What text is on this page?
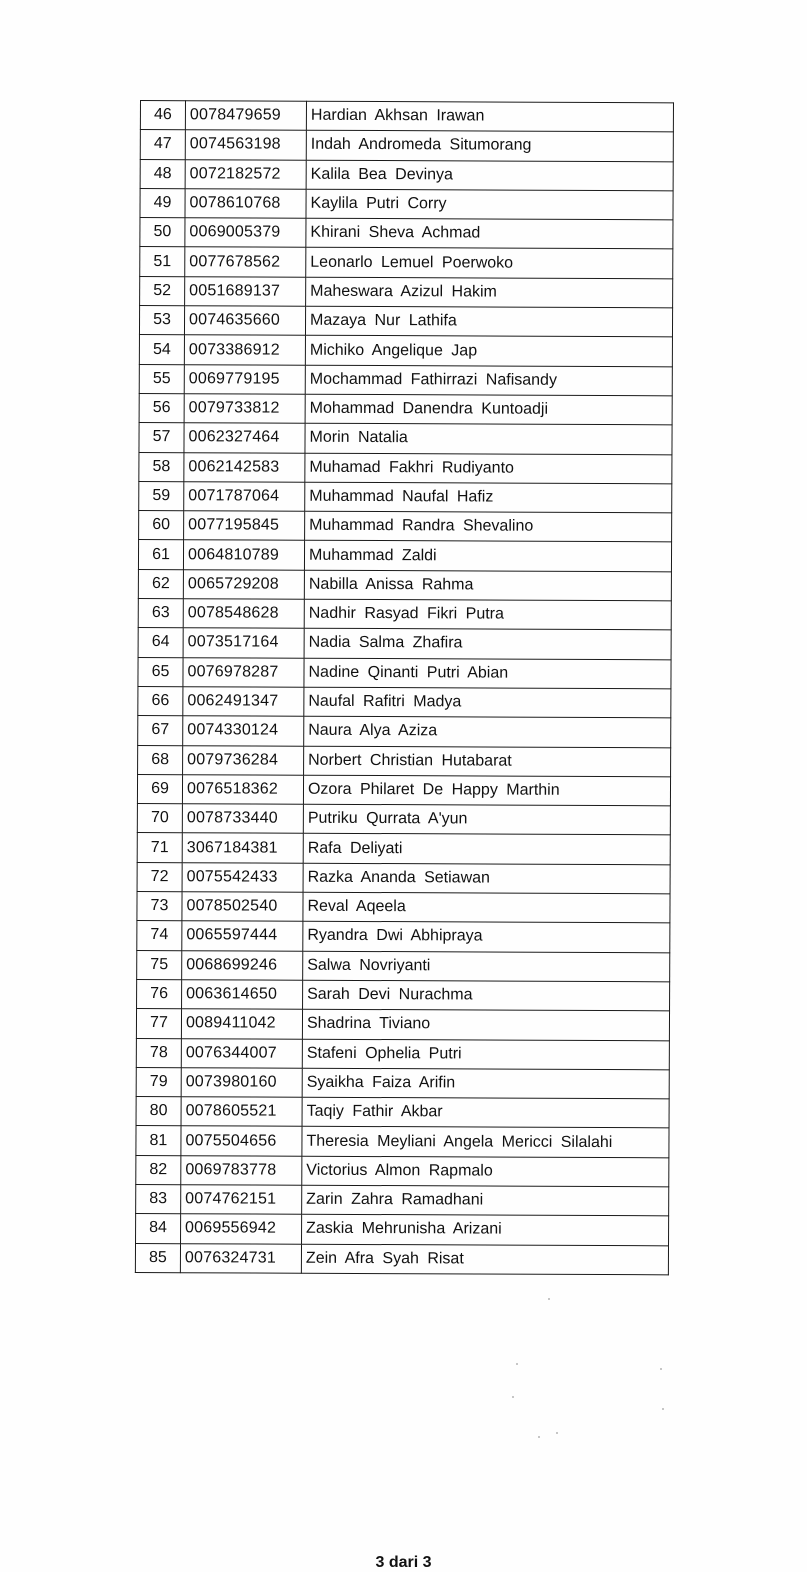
46	0078479659	Hardian Akhsan Irawan
47	0074563198	Indah Andromeda Situmorang
48	0072182572	Kalila Bea Devinya
49	0078610768	Kaylila Putri Corry
50	0069005379	Khirani Sheva Achmad
51	0077678562	Leonarlo Lemuel Poerwoko
52	0051689137	Maheswara Azizul Hakim
53	0074635660	Mazaya Nur Lathifa
54	0073386912	Michiko Angelique Jap
55	0069779195	Mochammad Fathirrazi Nafisandy
56	0079733812	Mohammad Danendra Kuntoadji
57	0062327464	Morin Natalia
58	0062142583	Muhamad Fakhri Rudiyanto
59	0071787064	Muhammad Naufal Hafiz
60	0077195845	Muhammad Randra Shevalino
61	0064810789	Muhammad Zaldi
62	0065729208	Nabilla Anissa Rahma
63	0078548628	Nadhir Rasyad Fikri Putra
64	0073517164	Nadia Salma Zhafira
65	0076978287	Nadine Qinanti Putri Abian
66	0062491347	Naufal Rafitri Madya
67	0074330124	Naura Alya Aziza
68	0079736284	Norbert Christian Hutabarat
69	0076518362	Ozora Philaret De Happy Marthin
70	0078733440	Putriku Qurrata A'yun
71	3067184381	Rafa Deliyati
72	0075542433	Razka Ananda Setiawan
73	0078502540	Reval Aqeela
74	0065597444	Ryandra Dwi Abhipraya
75	0068699246	Salwa Novriyanti
76	0063614650	Sarah Devi Nurachma
77	0089411042	Shadrina Tiviano
78	0076344007	Stafeni Ophelia Putri
79	0073980160	Syaikha Faiza Arifin
80	0078605521	Taqiy Fathir Akbar
81	0075504656	Theresia Meyliani Angela Mericci Silalahi
82	0069783778	Victorius Almon Rapmalo
83	0074762151	Zarin Zahra Ramadhani
84	0069556942	Zaskia Mehrunisha Arizani
85	0076324731	Zein Afra Syah Risat
3 dari 3
